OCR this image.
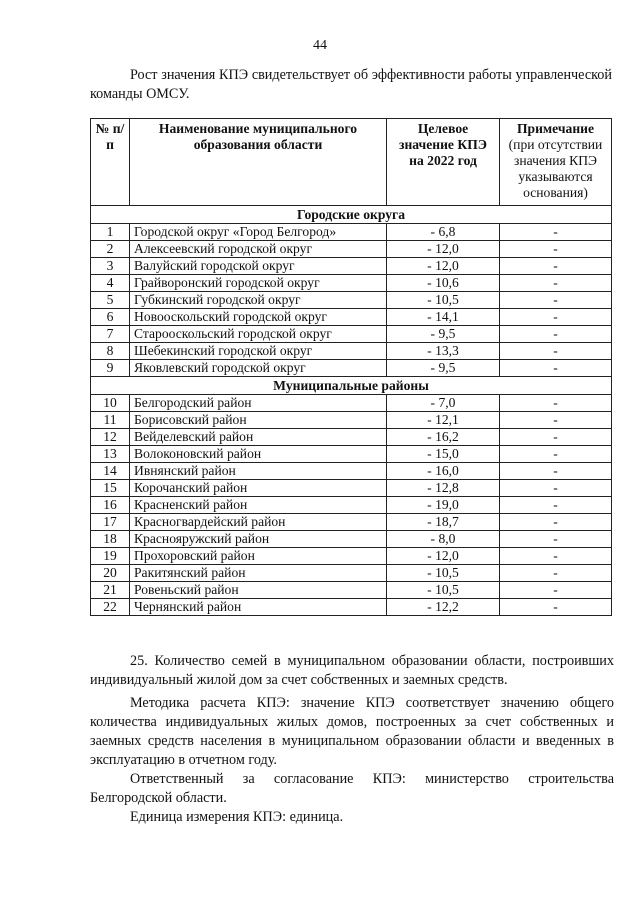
44

Рост значения КПЭ свидетельствует об эффективности работы управленческой команды ОМСУ.

№ п/п	Наименование муниципального образования области	Целевое значение КПЭ на 2022 год	Примечание
(при отсутствии значения КПЭ указываются основания)
Городские округа			
1	Городской округ «Город Белгород»	- 6,8	-
2	Алексеевский городской округ	- 12,0	-
3	Валуйский городской округ	- 12,0	-
4	Грайворонский городской округ	- 10,6	-
5	Губкинский городской округ	- 10,5	-
6	Новооскольский городской округ	- 14,1	-
7	Старооскольский городской округ	- 9,5	-
8	Шебекинский городской округ	- 13,3	-
9	Яковлевский городской округ	- 9,5	-
Муниципальные районы			
10	Белгородский район	- 7,0	-
11	Борисовский район	- 12,1	-
12	Вейделевский район	- 16,2	-
13	Волоконовский район	- 15,0	-
14	Ивнянский район	- 16,0	-
15	Корочанский район	- 12,8	-
16	Красненский район	- 19,0	-
17	Красногвардейский район	- 18,7	-
18	Краснояружский район	- 8,0	-
19	Прохоровский район	- 12,0	-
20	Ракитянский район	- 10,5	-
21	Ровеньский район	- 10,5	-
22	Чернянский район	- 12,2	-

25. Количество семей в муниципальном образовании области, построивших индивидуальный жилой дом за счет собственных и заемных средств.

Методика расчета КПЭ: значение КПЭ соответствует значению общего количества индивидуальных жилых домов, построенных за счет собственных и заемных средств населения в муниципальном образовании области и введенных в эксплуатацию в отчетном году.

Ответственный за согласование КПЭ: министерство строительства Белгородской области.

Единица измерения КПЭ: единица.
